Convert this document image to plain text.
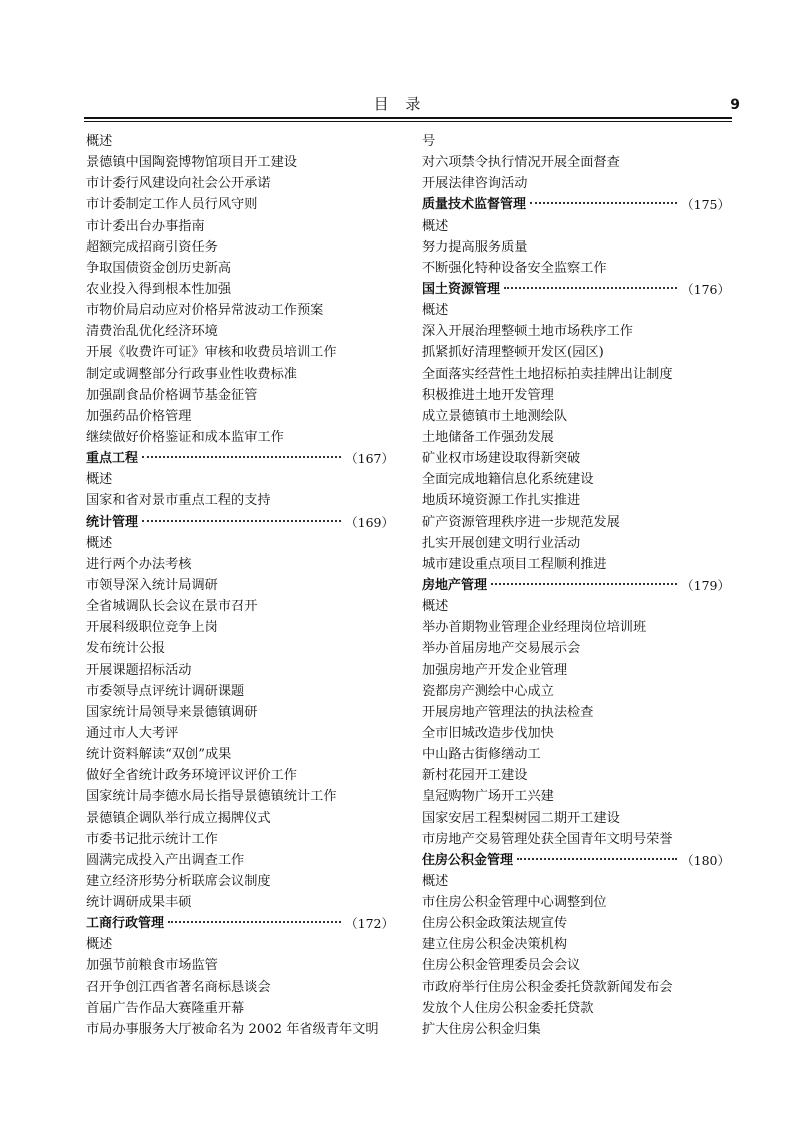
目 录	9
概述
景德镇中国陶瓷博物馆项目开工建设
市计委行风建设向社会公开承诺
市计委制定工作人员行风守则
市计委出台办事指南
超额完成招商引资任务
争取国债资金创历史新高
农业投入得到根本性加强
市物价局启动应对价格异常波动工作预案
清费治乱优化经济环境
开展《收费许可证》审核和收费员培训工作
制定或调整部分行政事业性收费标准
加强副食品价格调节基金征管
加强药品价格管理
继续做好价格鉴证和成本监审工作
重点工程	（167）
概述
国家和省对景市重点工程的支持
统计管理	（169）
概述
进行两个办法考核
市领导深入统计局调研
全省城调队长会议在景市召开
开展科级职位竞争上岗
发布统计公报
开展课题招标活动
市委领导点评统计调研课题
国家统计局领导来景德镇调研
通过市人大考评
统计资料解读“双创”成果
做好全省统计政务环境评议评价工作
国家统计局李德水局长指导景德镇统计工作
景德镇企调队举行成立揭牌仪式
市委书记批示统计工作
圆满完成投入产出调查工作
建立经济形势分析联席会议制度
统计调研成果丰硕
工商行政管理	（172）
概述
加强节前粮食市场监管
召开争创江西省著名商标恳谈会
首届广告作品大赛隆重开幕
市局办事服务大厅被命名为 2002 年省级青年文明
号
对六项禁令执行情况开展全面督查
开展法律咨询活动
质量技术监督管理	（175）
概述
努力提高服务质量
不断强化特种设备安全监察工作
国土资源管理	（176）
概述
深入开展治理整顿土地市场秩序工作
抓紧抓好清理整顿开发区(园区)
全面落实经营性土地招标拍卖挂牌出让制度
积极推进土地开发管理
成立景德镇市土地测绘队
土地储备工作强劲发展
矿业权市场建设取得新突破
全面完成地籍信息化系统建设
地质环境资源工作扎实推进
矿产资源管理秩序进一步规范发展
扎实开展创建文明行业活动
城市建设重点项目工程顺利推进
房地产管理	（179）
概述
举办首期物业管理企业经理岗位培训班
举办首届房地产交易展示会
加强房地产开发企业管理
瓷都房产测绘中心成立
开展房地产管理法的执法检查
全市旧城改造步伐加快
中山路古街修缮动工
新村花园开工建设
皇冠购物广场开工兴建
国家安居工程梨树园二期开工建设
市房地产交易管理处获全国青年文明号荣誉
住房公积金管理	（180）
概述
市住房公积金管理中心调整到位
住房公积金政策法规宣传
建立住房公积金决策机构
住房公积金管理委员会会议
市政府举行住房公积金委托贷款新闻发布会
发放个人住房公积金委托贷款
扩大住房公积金归集
